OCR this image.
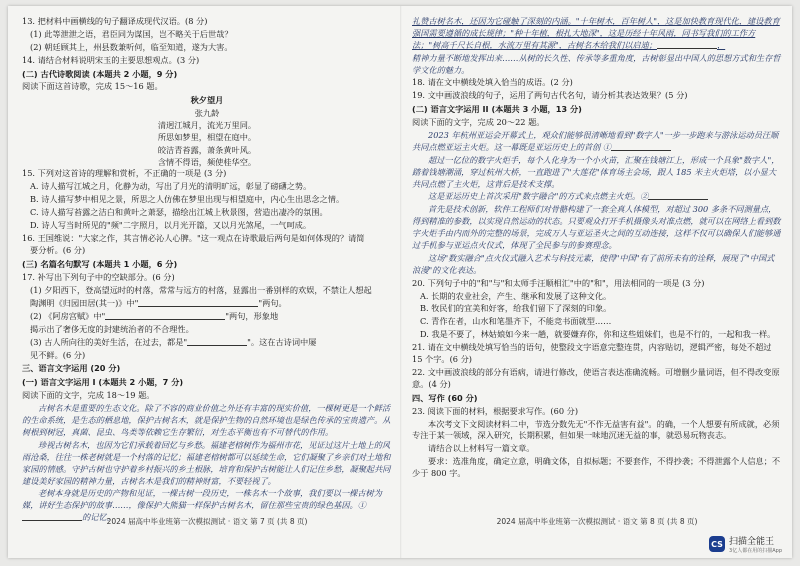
13. 把材料中画横线的句子翻译成现代汉语。(8 分)

(1) 此等泄泄之语，君臣同为谋国，岂不略关于后世哉？

(2) 朝廷顾其上，州县数兼听何，临至知道，遂为大害。

14. 请结合材料说明宋玉的主要思想观点。(3 分)

(二) 古代诗歌阅读 (本题共 2 小题，9 分)

阅读下面这首诗歌，完成 15～16 题。

秋夕望月

张九龄

清迥江城月，流光万里同。

所思如梦里，相望在庭中。

皎洁青苔露，萧条黄叶风。

含情不得语，频使桂华空。

15. 下列对这首诗的理解和赏析，不正确的一项是 (3 分)

A. 诗人描写江城之月，化静为动，写出了月光的清明旷远，彰显了磅礴之势。

B. 诗人描写梦中相见之景，所思之人仿佛在梦里出现与相望庭中，内心生出思念之情。

C. 诗人描写苔露之洁白和黄叶之萧瑟，描绘出江城上秋景图，营造出凄冷的氛围。

D. 诗人写当时所见的"频"二字照月，以月光开篇，又以月光煞尾，一气呵成。

16. 王国维说："大家之作，其言情必沁人心脾。"这一观点在诗歌最后两句是如何体现的？请简

要分析。(6 分)

(三) 名篇名句默写 (本题共 1 小题，6 分)

17. 补写出下列句子中的空缺部分。(6 分)

(1) 夕阳西下，登高望远时的村落，常常与远方的村落，显露出一番别样的欢娱，不禁让人想起

陶渊明《归园田居(其一)》中"	"两句。

(2) 《阿房宫赋》中"	"两句，形象地

揭示出了奢侈无度的封建统治者的不合理性。

(3) 古人所向往的美好生活，在过去，都是"	"。这在古诗词中屡

见不鲜。(6 分)

三、语言文字运用 (20 分)

(一) 语言文字运用 I (本题共 2 小题，7 分)

阅读下面的文字，完成 18～19 题。

古树名木是重要的生态文化。除了不容的商业价值之外还有丰富的现实价值，一棵树更是一个鲜活的生命系统，是生态的栖息地，保护古树名木，就是保护生物的自然环境也是绿色传承的宝贵遗产。从树根到树冠，真菌、昆虫、鸟类等依赖它生存繁衍，对生态平衡也有不可替代的作用。

珍视古树名木，也因为它们承载着回忆与乡愁。福建老榕树作为福州市花，见证过这片土地上的风雨沧桑，往往一株老树就是一个村落的记忆；福建老榕树都可以延续生命，它们凝聚了乡亲们对土地和家园的情感。守护古树也守护着乡村振兴的乡土根脉，培育和保护古树能让人们记住乡愁，凝聚起共同建设美好家园的精神力量，古树名木是我们的精神财富，不要轻视了。

老树本身就是历史的产物和见证，一棵古树一段历史，一株名木一个故事，我们要以一棵古树为媒，讲好生态保护的故事……，像保护大熊猫一样保护古树名木，留住那些宝贵的绿色基因。①的记忆。

礼赞古树名木，还因为它碰触了深刻的内涵。"十年树木，百年树人"，这是加快教育现代化，建设教育强国需要遵循的成长规律；"种十年植，根扎大地深"，这是历经十年风雨，同书写我们的工作方法；"树高千尺长自根，水流万里有其源"，古树名木给我们以启迪；	，

精神力量不断地发挥出来……从树的长久性、传承等多重角度，古树彰显出中国人的思想方式和生存哲学文化的魅力。

18. 请在文中横线处填入恰当的成语。(2 分)

19. 文中画波浪线的句子，运用了两句古代名句，请分析其表达效果？(5 分)

(二) 语言文字运用 II (本题共 3 小题，13 分)

阅读下面的文字，完成 20～22 题。

2023 年杭州亚运会开幕式上，观众们能够很清晰地看到"数字人"一步一步跑来与游泳运动员汪顺共同点燃亚运主火炬。这一幕既是亚运历史上的首创 ①

超过一亿位的数字火炬手，每个人化身为一个小火苗，汇聚在钱塘江上，形成一个具象"数字人"，踏着钱塘潮涌，穿过杭州大桥，一直跑进了"大莲花"体育场主会场，跟人 185 米主火炬塔，以小显大共同点燃了主火炬，这背后是技术支撑。

这是亚运历史上首次采用"数字融合"的方式来点燃主火炬。②

首先是技术创新，软件工程师们对骨骼构建了一套全真人体模型，对超过 300 多条不同测量点，得到精准的参数，以实现自然运动的状态。只要观众打开手机摄像头对准点燃，就可以在网络上看到数字火炬手由内而外的完整的场景，完成万人与亚运圣火之间的互动连接，这样不仅可以确保人们能够通过手机参与亚运点火仪式，体现了全民参与的参赛理念。

这场"数实融合"点火仪式融入艺术与科技元素，使得"中国"有了前所未有的诠释，展现了"中国式浪漫"的文化表达。

20. 下列句子中的"和"与"和太师手汪顺相汇"中的"和"，用法相同的一项是 (3 分)

A. 长期的农业社会，产生、继承和发展了这种文化。

B. 牧民们的宜美和好客，给我们留下了深刻的印象。

C. 青作在者，山水和笔墨齐下，不能竞书面就型……

D. 我是不要了，林姑娘如今来一趟，就要嫌弃你，你和这些姐妹们，也是不行的，一起和我一样。

21. 请在文中横线处填写恰当的语句，使整段文字语意完整连贯，内容贴切，逻辑严密，每处不超过 15 个字。(6 分)

22. 文中画波浪线的部分有语病，请进行修改，使语言表达准确流畅。可增删少量词语，但不得改变原意。(4 分)

四、写作 (60 分)

23. 阅读下面的材料，根据要求写作。(60 分)

本次考文下文阅读材料二中，节选分数先无"不作无益害有益"。的确，一个人想要有所成就，必须专注于某一领域，深入研究，长期积累，但如果一味地沉迷无益的事，就恐易玩物丧志。

请结合以上材料写一篇文章。

要求：选准角度，确定立意，明确文体，自拟标题；不要套作，不得抄袭；不得泄露个人信息；不少于 800 字。

2024 届高中毕业班第一次模拟测试 · 语文 第 7 页 (共 8 页)	2024 届高中毕业班第一次模拟测试 · 语文 第 8 页 (共 8 页)
CS 扫描全能王
3亿人都在用的扫描App
